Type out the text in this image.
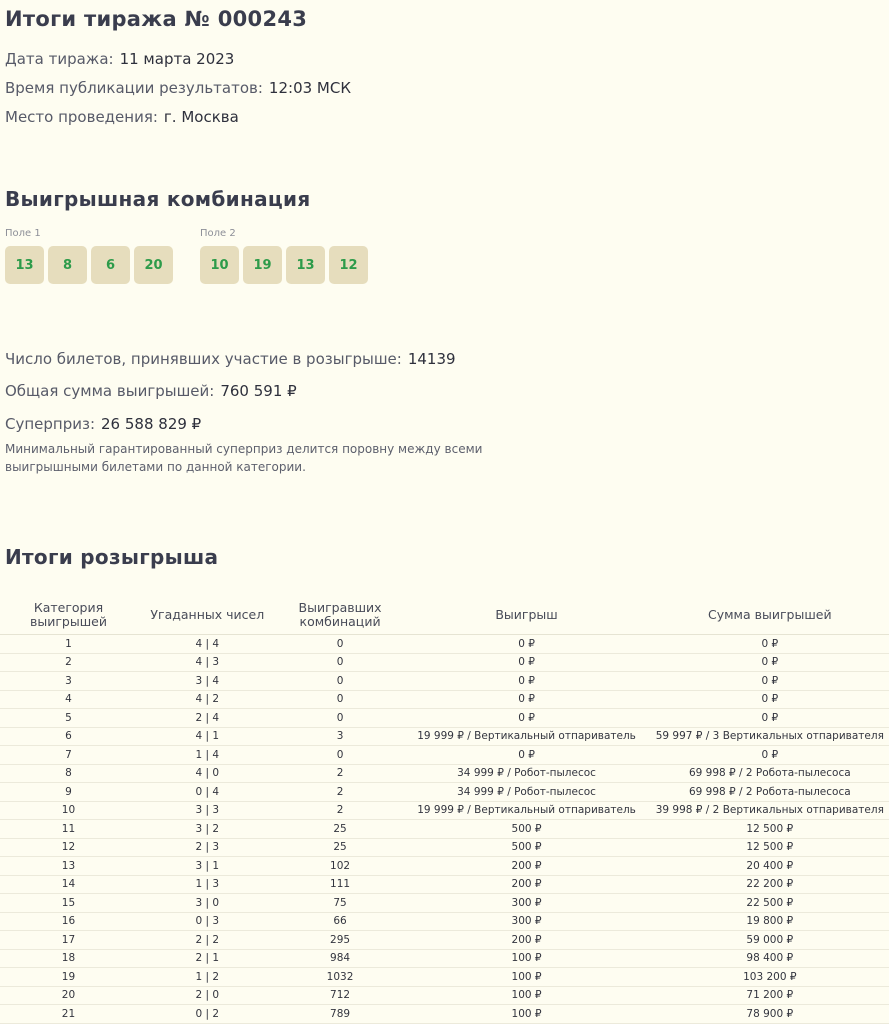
Итоги тиража № 000243
Дата тиража: 11 марта 2023
Время публикации результатов: 12:03 МСК
Место проведения: г. Москва
Выигрышная комбинация
Поле 1
13	8	6	20
Поле 2
10	19	13	12
Число билетов, принявших участие в розыгрыше: 14139
Общая сумма выигрышей: 760 591 ₽
Суперприз: 26 588 829 ₽
Минимальный гарантированный суперприз делится поровну между всеми выигрышными билетами по данной категории.
Итоги розыгрыша
Категория выигрышей	Угаданных чисел	Выигравших комбинаций	Выигрыш	Сумма выигрышей
1	4 | 4	0	0 ₽	0 ₽
2	4 | 3	0	0 ₽	0 ₽
3	3 | 4	0	0 ₽	0 ₽
4	4 | 2	0	0 ₽	0 ₽
5	2 | 4	0	0 ₽	0 ₽
6	4 | 1	3	19 999 ₽ / Вертикальный отпариватель	59 997 ₽ / 3 Вертикальных отпаривателя
7	1 | 4	0	0 ₽	0 ₽
8	4 | 0	2	34 999 ₽ / Робот-пылесос	69 998 ₽ / 2 Робота-пылесоса
9	0 | 4	2	34 999 ₽ / Робот-пылесос	69 998 ₽ / 2 Робота-пылесоса
10	3 | 3	2	19 999 ₽ / Вертикальный отпариватель	39 998 ₽ / 2 Вертикальных отпаривателя
11	3 | 2	25	500 ₽	12 500 ₽
12	2 | 3	25	500 ₽	12 500 ₽
13	3 | 1	102	200 ₽	20 400 ₽
14	1 | 3	111	200 ₽	22 200 ₽
15	3 | 0	75	300 ₽	22 500 ₽
16	0 | 3	66	300 ₽	19 800 ₽
17	2 | 2	295	200 ₽	59 000 ₽
18	2 | 1	984	100 ₽	98 400 ₽
19	1 | 2	1032	100 ₽	103 200 ₽
20	2 | 0	712	100 ₽	71 200 ₽
21	0 | 2	789	100 ₽	78 900 ₽
